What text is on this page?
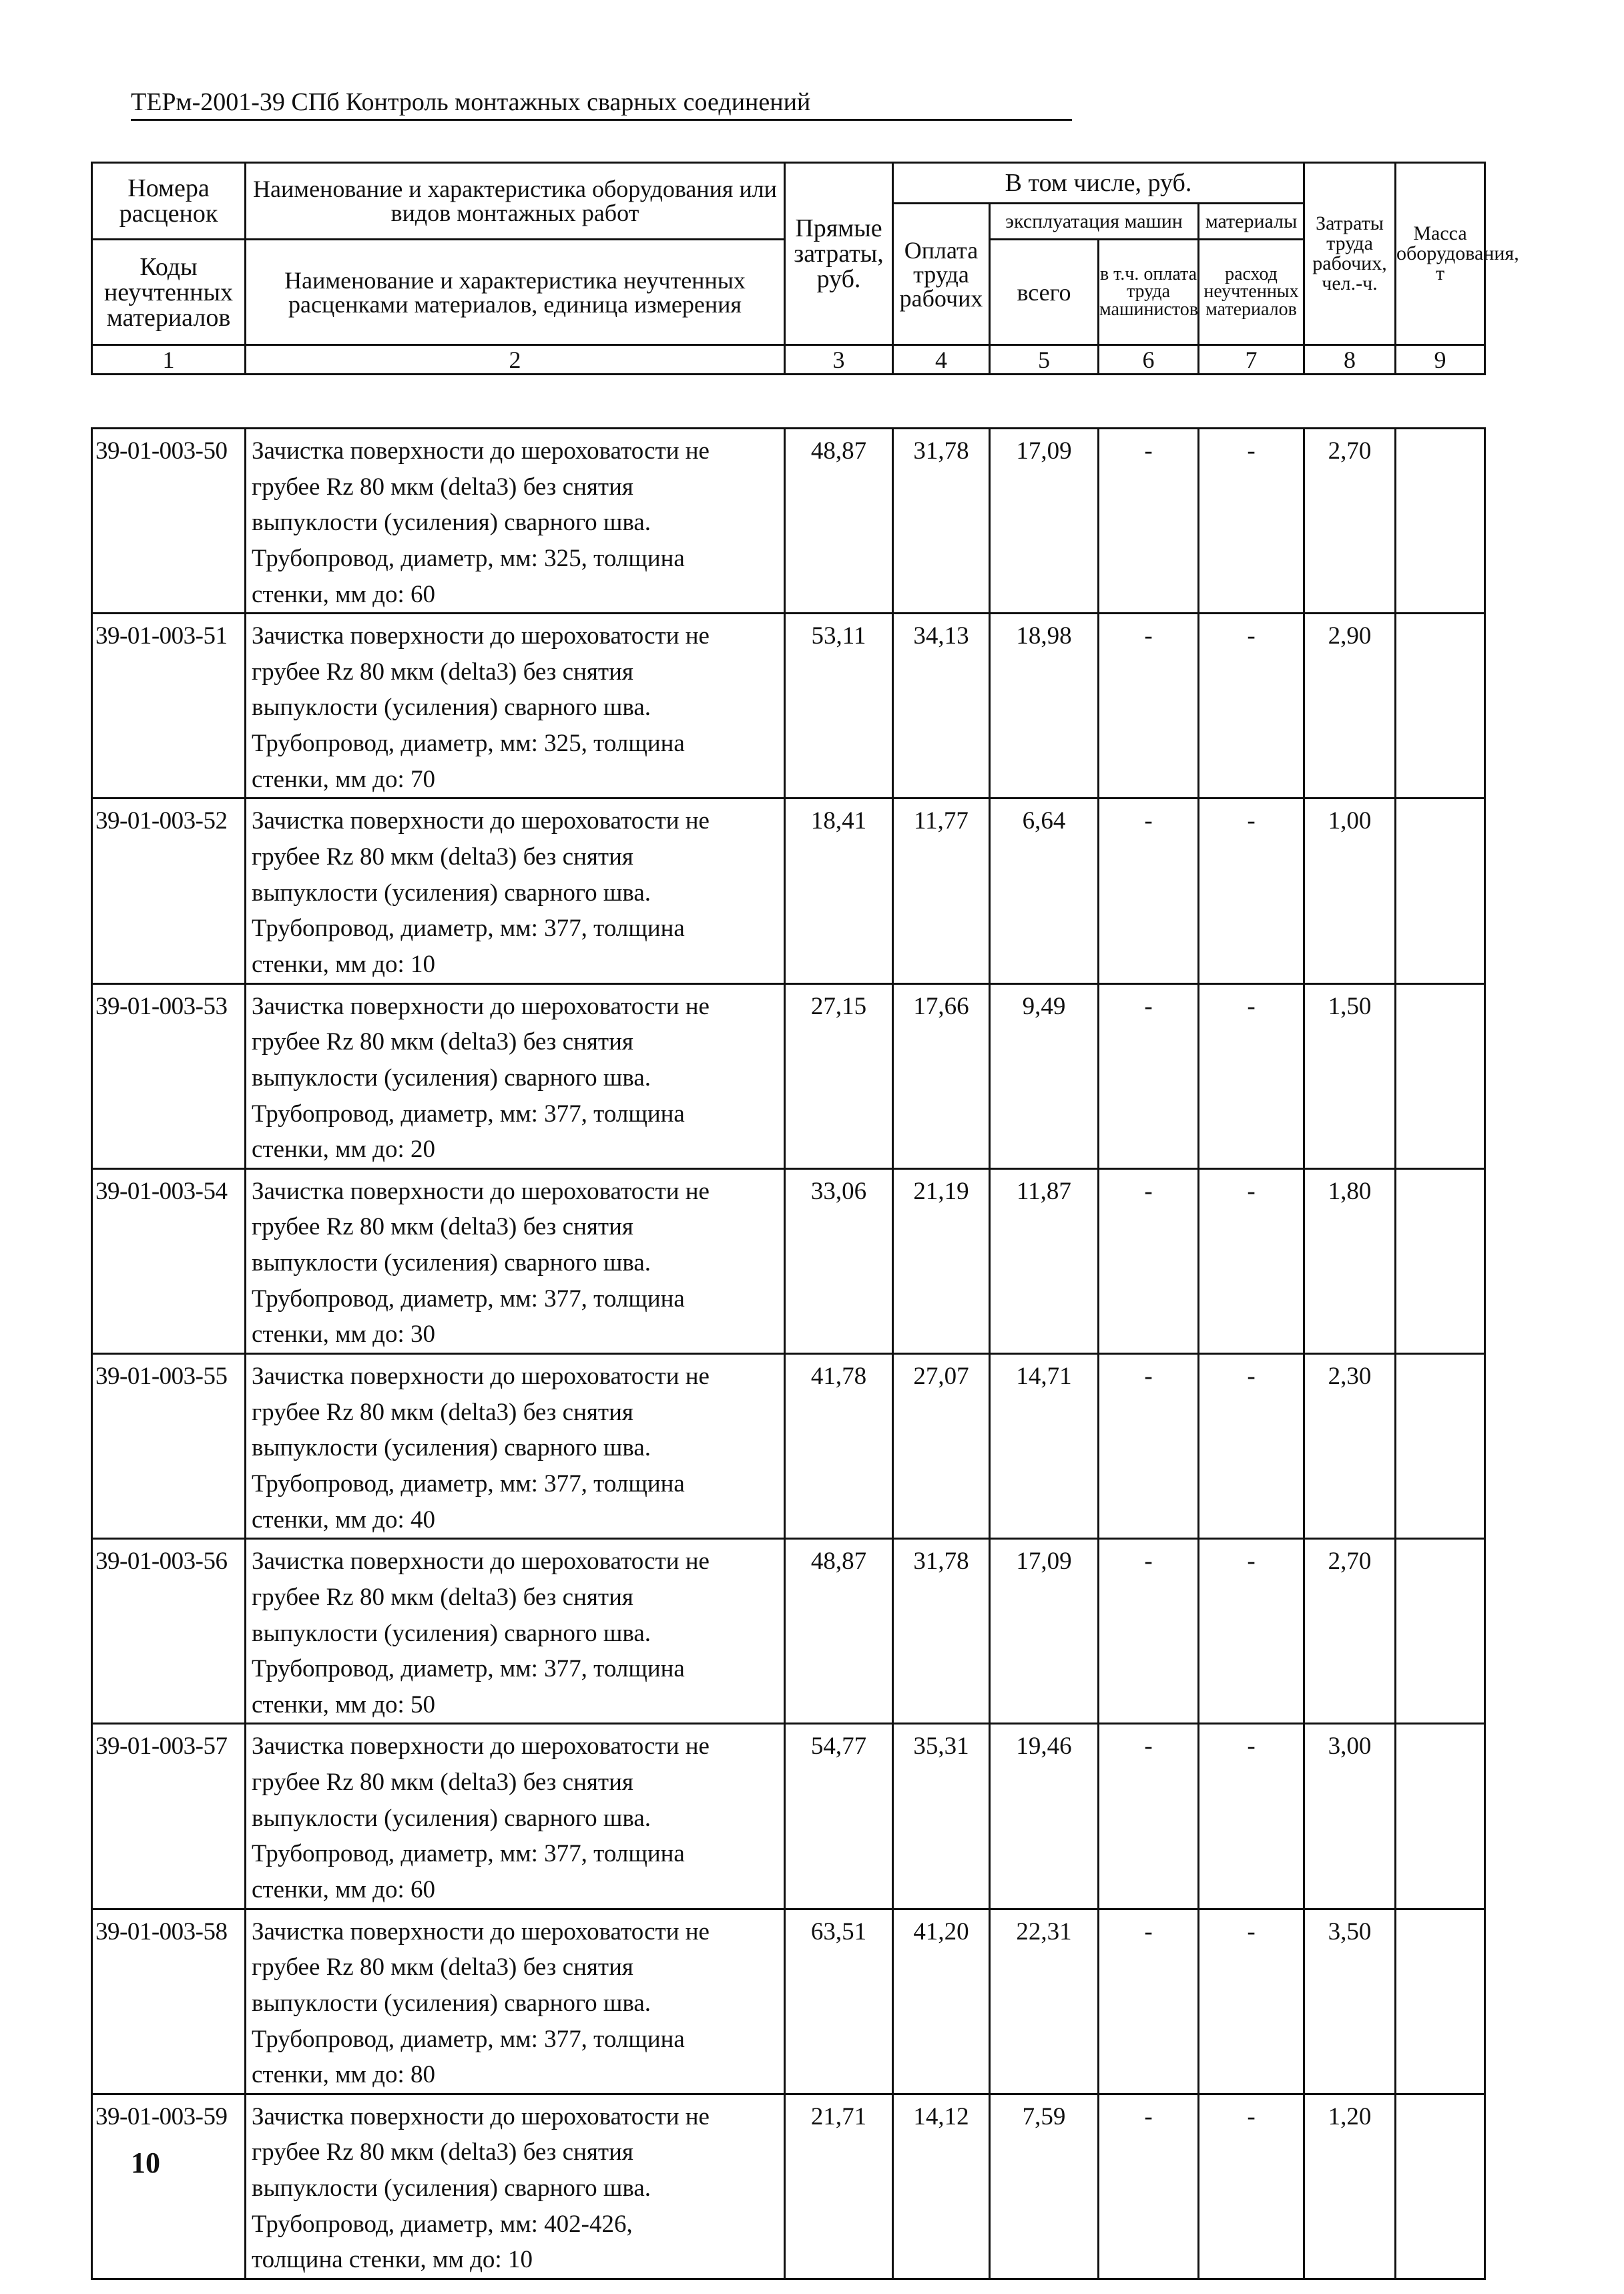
ТЕРм-2001-39 СПб Контроль монтажных сварных соединений
Номера расценок	Наименование и характеристика оборудования или видов монтажных работ	Прямые затраты, руб.	В том числе, руб.				Затраты труда рабочих, чел.-ч.	Масса оборудования, т
			Оплата труда рабочих	эксплуатация машин		материалы		
Коды неучтенных материалов	Наименование и характеристика неучтенных расценками материалов, единица измерения			всего	в т.ч. оплата труда машинистов	расход неучтенных материалов		

1	2	3	4	5	6	7	8	9
39-01-003-50	Зачистка поверхности до шероховатости не
грубее Rz 80 мкм (delta3) без снятия
выпуклости (усиления) сварного шва.
Трубопровод, диаметр, мм: 325, толщина
стенки, мм до: 60	48,87	31,78	17,09	-	-	2,70	
39-01-003-51	Зачистка поверхности до шероховатости не
грубее Rz 80 мкм (delta3) без снятия
выпуклости (усиления) сварного шва.
Трубопровод, диаметр, мм: 325, толщина
стенки, мм до: 70	53,11	34,13	18,98	-	-	2,90	
39-01-003-52	Зачистка поверхности до шероховатости не
грубее Rz 80 мкм (delta3) без снятия
выпуклости (усиления) сварного шва.
Трубопровод, диаметр, мм: 377, толщина
стенки, мм до: 10	18,41	11,77	6,64	-	-	1,00	
39-01-003-53	Зачистка поверхности до шероховатости не
грубее Rz 80 мкм (delta3) без снятия
выпуклости (усиления) сварного шва.
Трубопровод, диаметр, мм: 377, толщина
стенки, мм до: 20	27,15	17,66	9,49	-	-	1,50	
39-01-003-54	Зачистка поверхности до шероховатости не
грубее Rz 80 мкм (delta3) без снятия
выпуклости (усиления) сварного шва.
Трубопровод, диаметр, мм: 377, толщина
стенки, мм до: 30	33,06	21,19	11,87	-	-	1,80	
39-01-003-55	Зачистка поверхности до шероховатости не
грубее Rz 80 мкм (delta3) без снятия
выпуклости (усиления) сварного шва.
Трубопровод, диаметр, мм: 377, толщина
стенки, мм до: 40	41,78	27,07	14,71	-	-	2,30	
39-01-003-56	Зачистка поверхности до шероховатости не
грубее Rz 80 мкм (delta3) без снятия
выпуклости (усиления) сварного шва.
Трубопровод, диаметр, мм: 377, толщина
стенки, мм до: 50	48,87	31,78	17,09	-	-	2,70	
39-01-003-57	Зачистка поверхности до шероховатости не
грубее Rz 80 мкм (delta3) без снятия
выпуклости (усиления) сварного шва.
Трубопровод, диаметр, мм: 377, толщина
стенки, мм до: 60	54,77	35,31	19,46	-	-	3,00	
39-01-003-58	Зачистка поверхности до шероховатости не
грубее Rz 80 мкм (delta3) без снятия
выпуклости (усиления) сварного шва.
Трубопровод, диаметр, мм: 377, толщина
стенки, мм до: 80	63,51	41,20	22,31	-	-	3,50	
39-01-003-59	Зачистка поверхности до шероховатости не
грубее Rz 80 мкм (delta3) без снятия
выпуклости (усиления) сварного шва.
Трубопровод, диаметр, мм: 402-426,
толщина стенки, мм до: 10	21,71	14,12	7,59	-	-	1,20	
10
